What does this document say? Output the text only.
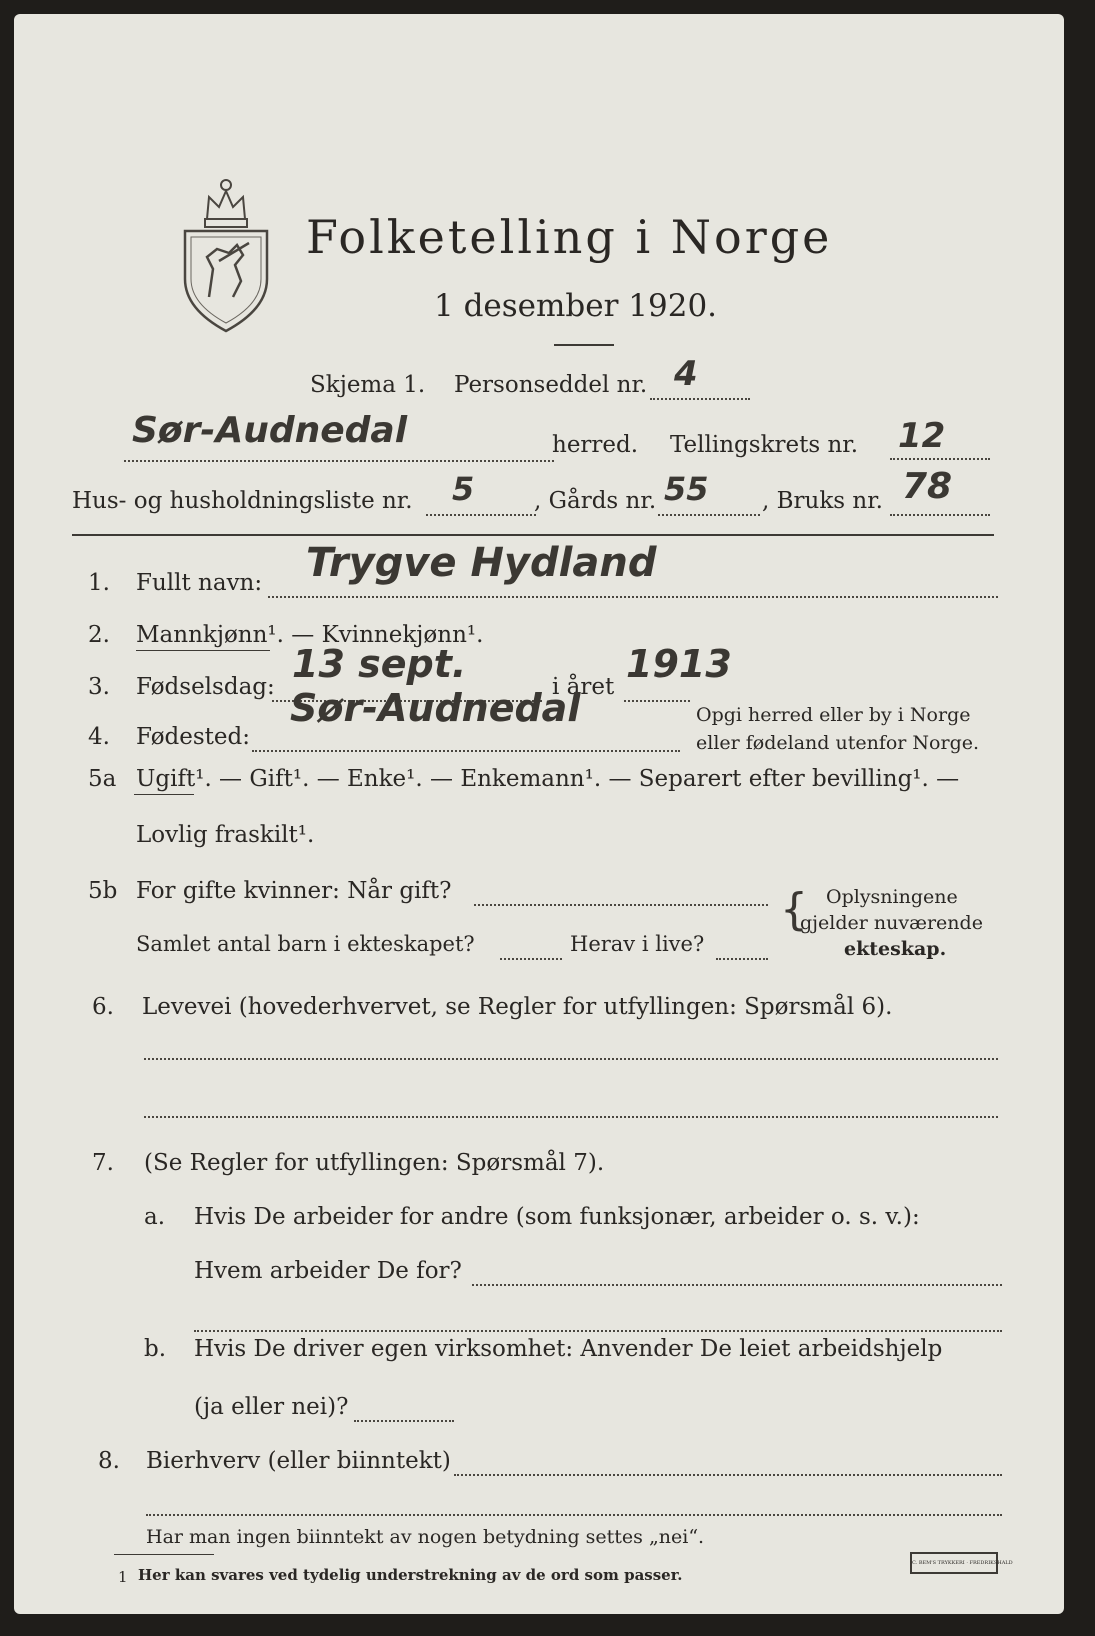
Folketelling i Norge
1 desember 1920.
Skjema 1. Personseddel nr. 4
Sør-Audnedal	herred. Tellingskrets nr. 12
Hus- og husholdningsliste nr. 5	, Gårds nr. 55 , Bruks nr. 78
1. Fullt navn: Trygve Hydland
2. Mannkjønn¹. — Kvinnekjønn¹.
3. Fødselsdag:
13 sept.
i året
1913
4. Fødested:
Sør-Audnedal	Opgi herred eller by i Norge
eller fødeland utenfor Norge.
5a Ugift¹. — Gift¹. — Enke¹. — Enkemann¹. — Separert efter bevilling¹. —
Lovlig fraskilt¹.
5b For gifte kvinner: Når gift?
Samlet antal barn i ekteskapet?	Herav i live?
{ Oplysningene
gjelder nuværende
ekteskap.
6. Levevei (hovederhvervet, se Regler for utfyllingen: Spørsmål 6).
7. (Se Regler for utfyllingen: Spørsmål 7).
a. Hvis De arbeider for andre (som funksjonær, arbeider o. s. v.):
Hvem arbeider De for?
b. Hvis De driver egen virksomhet: Anvender De leiet arbeidshjelp
(ja eller nei)?
8. Bierhverv (eller biinntekt)
Har man ingen biinntekt av nogen betydning settes „nei“.
1 Her kan svares ved tydelig understrekning av de ord som passer.
C. BEM'S TRYKKERI · FREDRIKSHALD
